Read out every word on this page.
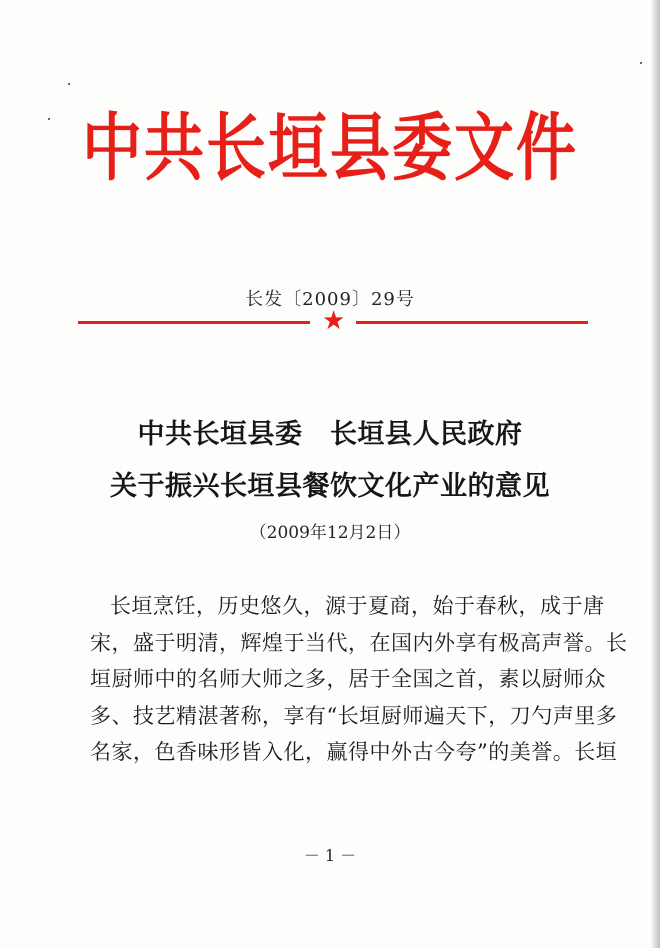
中共长垣县委文件
长发〔2009〕29号
★
中共长垣县委　长垣县人民政府
关于振兴长垣县餐饮文化产业的意见
（2009年12月2日）
长垣烹饪，历史悠久，源于夏商，始于春秋，成于唐
宋，盛于明清，辉煌于当代，在国内外享有极高声誉。长
垣厨师中的名师大师之多，居于全国之首，素以厨师众
多、技艺精湛著称，享有“长垣厨师遍天下，刀勺声里多
名家，色香味形皆入化，赢得中外古今夸”的美誉。长垣
－ 1 －
